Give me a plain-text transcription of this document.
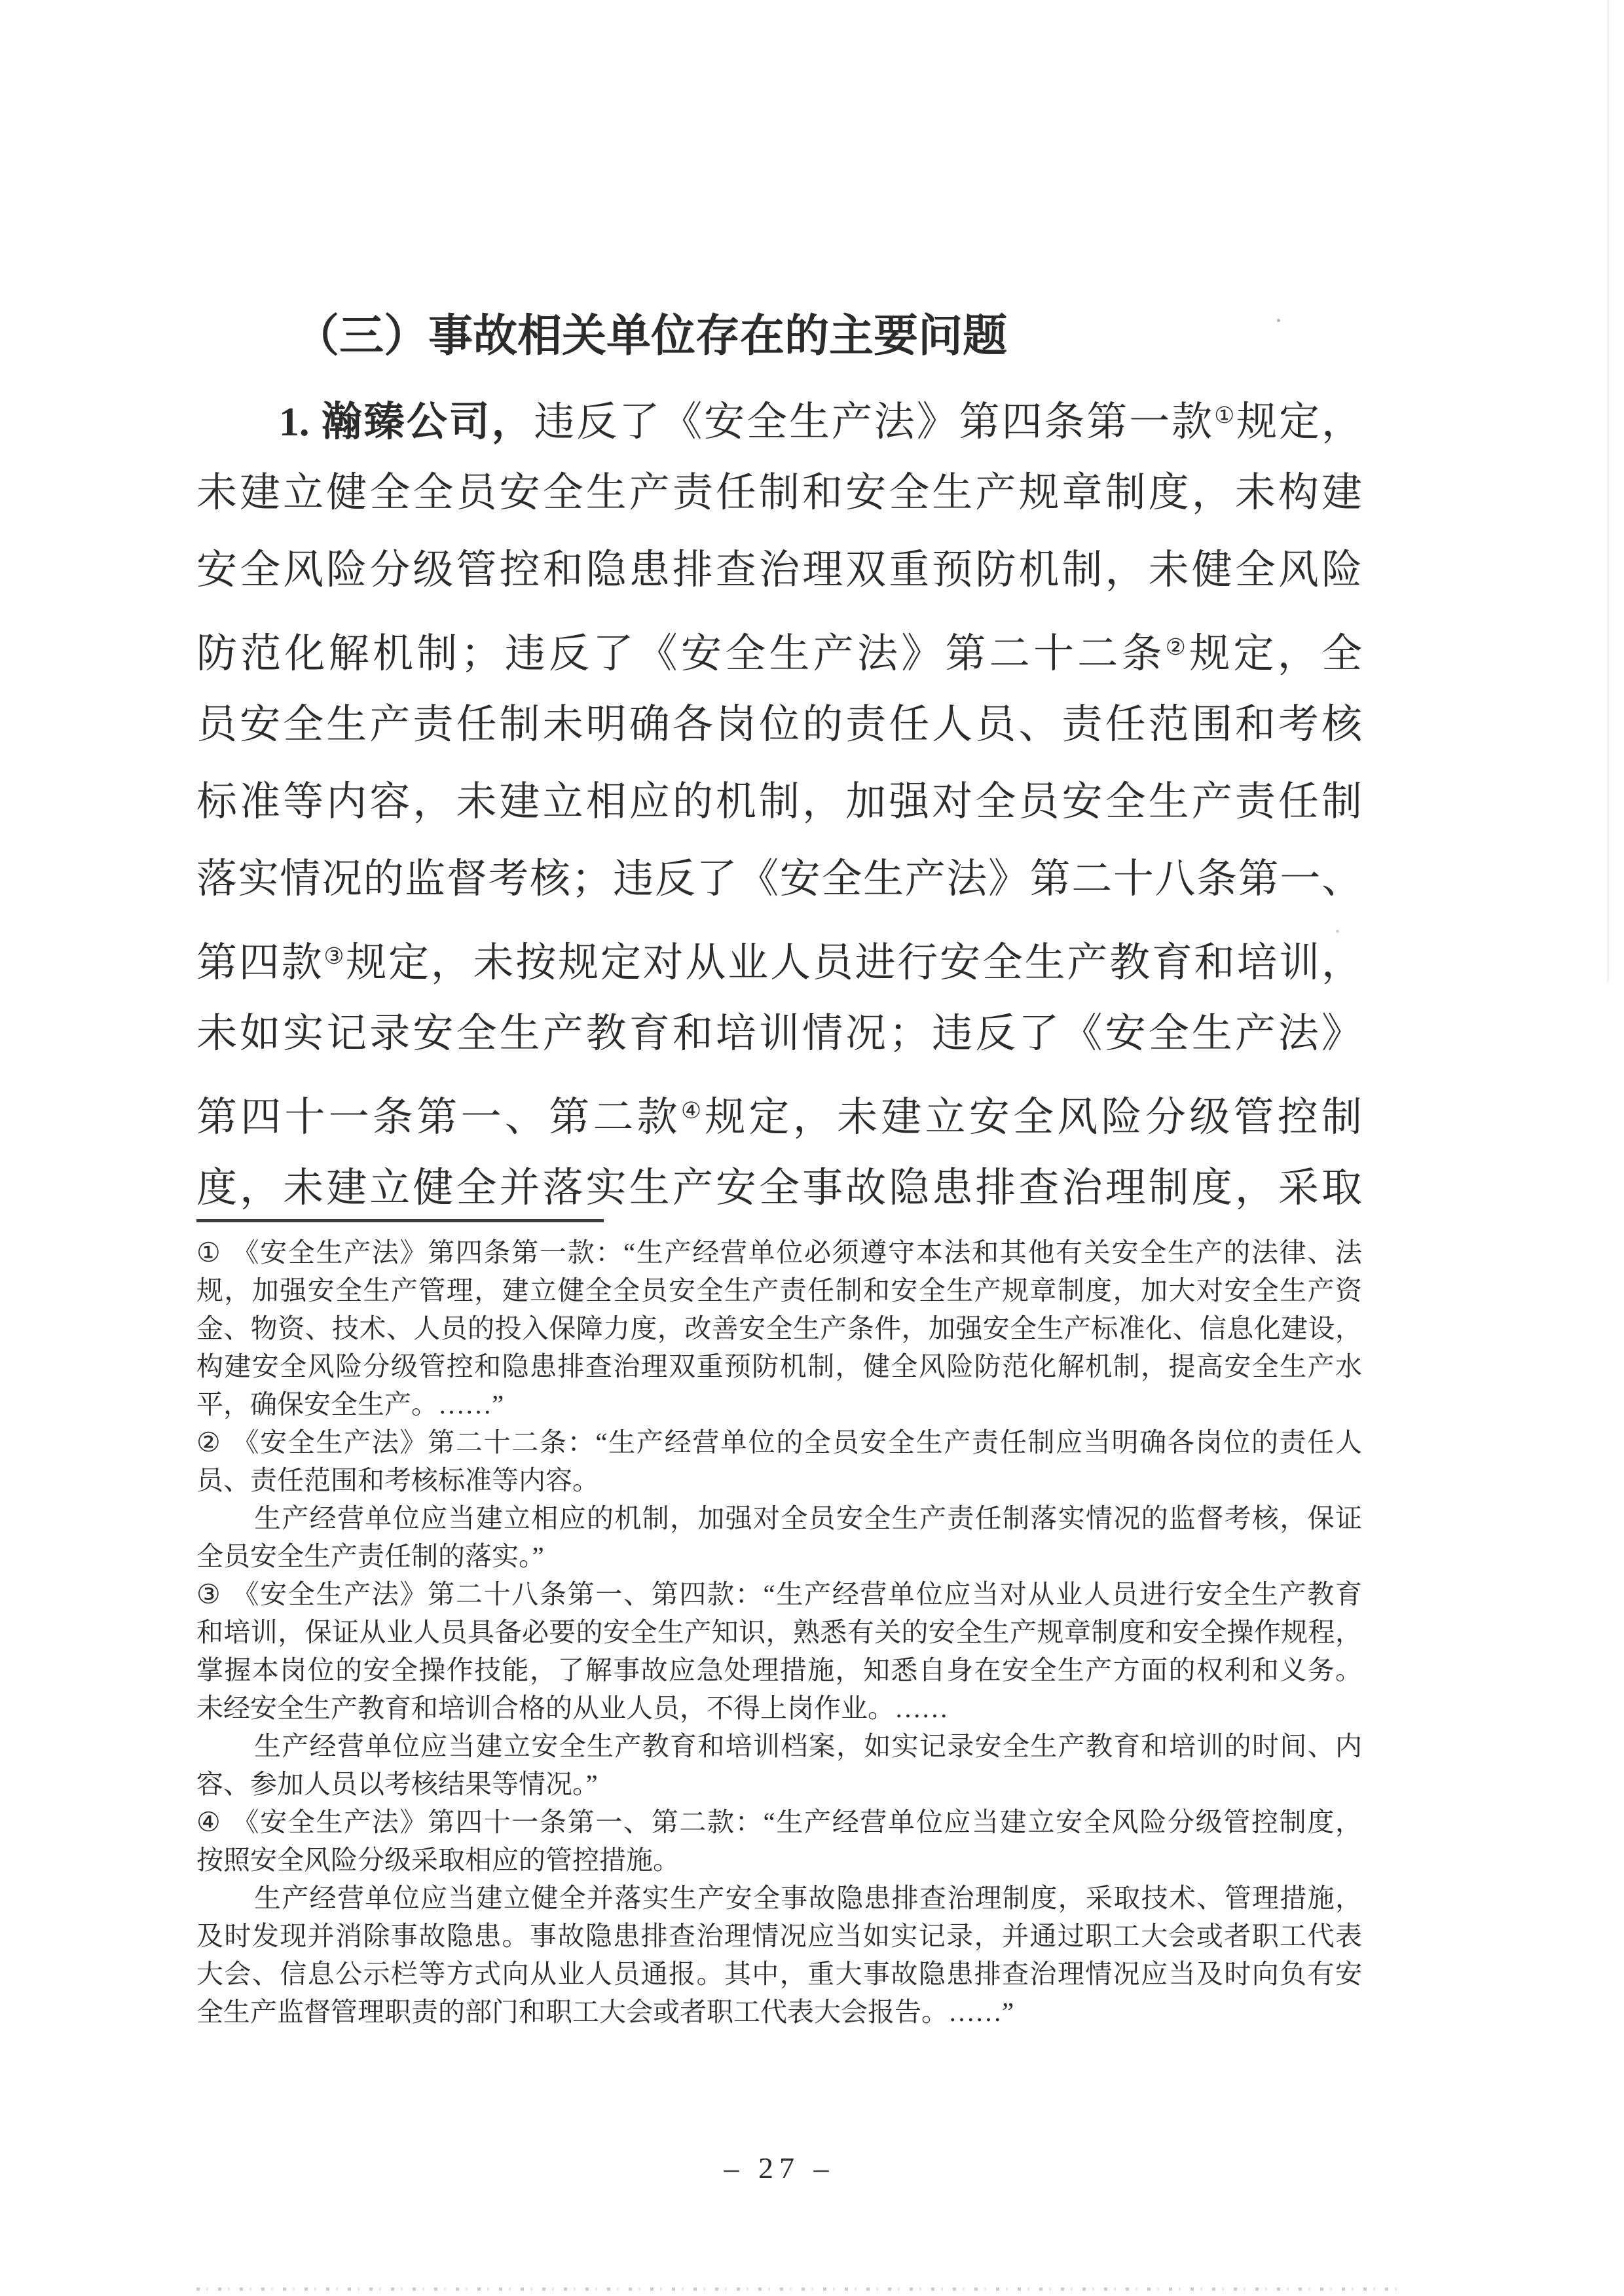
（三）事故相关单位存在的主要问题
1. 瀚臻公司，违反了《安全生产法》第四条第一款①规定，
未建立健全全员安全生产责任制和安全生产规章制度，未构建
安全风险分级管控和隐患排查治理双重预防机制，未健全风险
防范化解机制；违反了《安全生产法》第二十二条②规定，全
员安全生产责任制未明确各岗位的责任人员、责任范围和考核
标准等内容，未建立相应的机制，加强对全员安全生产责任制
落实情况的监督考核；违反了《安全生产法》第二十八条第一、
第四款③规定，未按规定对从业人员进行安全生产教育和培训，
未如实记录安全生产教育和培训情况；违反了《安全生产法》
第四十一条第一、第二款④规定，未建立安全风险分级管控制
度，未建立健全并落实生产安全事故隐患排查治理制度，采取
① 《安全生产法》第四条第一款：“生产经营单位必须遵守本法和其他有关安全生产的法律、法
规，加强安全生产管理，建立健全全员安全生产责任制和安全生产规章制度，加大对安全生产资
金、物资、技术、人员的投入保障力度，改善安全生产条件，加强安全生产标准化、信息化建设，
构建安全风险分级管控和隐患排查治理双重预防机制，健全风险防范化解机制，提高安全生产水
平，确保安全生产。……”
② 《安全生产法》第二十二条：“生产经营单位的全员安全生产责任制应当明确各岗位的责任人
员、责任范围和考核标准等内容。
生产经营单位应当建立相应的机制，加强对全员安全生产责任制落实情况的监督考核，保证
全员安全生产责任制的落实。”
③ 《安全生产法》第二十八条第一、第四款：“生产经营单位应当对从业人员进行安全生产教育
和培训，保证从业人员具备必要的安全生产知识，熟悉有关的安全生产规章制度和安全操作规程，
掌握本岗位的安全操作技能，了解事故应急处理措施，知悉自身在安全生产方面的权利和义务。
未经安全生产教育和培训合格的从业人员，不得上岗作业。……
生产经营单位应当建立安全生产教育和培训档案，如实记录安全生产教育和培训的时间、内
容、参加人员以考核结果等情况。”
④ 《安全生产法》第四十一条第一、第二款：“生产经营单位应当建立安全风险分级管控制度，
按照安全风险分级采取相应的管控措施。
生产经营单位应当建立健全并落实生产安全事故隐患排查治理制度，采取技术、管理措施，
及时发现并消除事故隐患。事故隐患排查治理情况应当如实记录，并通过职工大会或者职工代表
大会、信息公示栏等方式向从业人员通报。其中，重大事故隐患排查治理情况应当及时向负有安
全生产监督管理职责的部门和职工大会或者职工代表大会报告。……”
– 27 –
